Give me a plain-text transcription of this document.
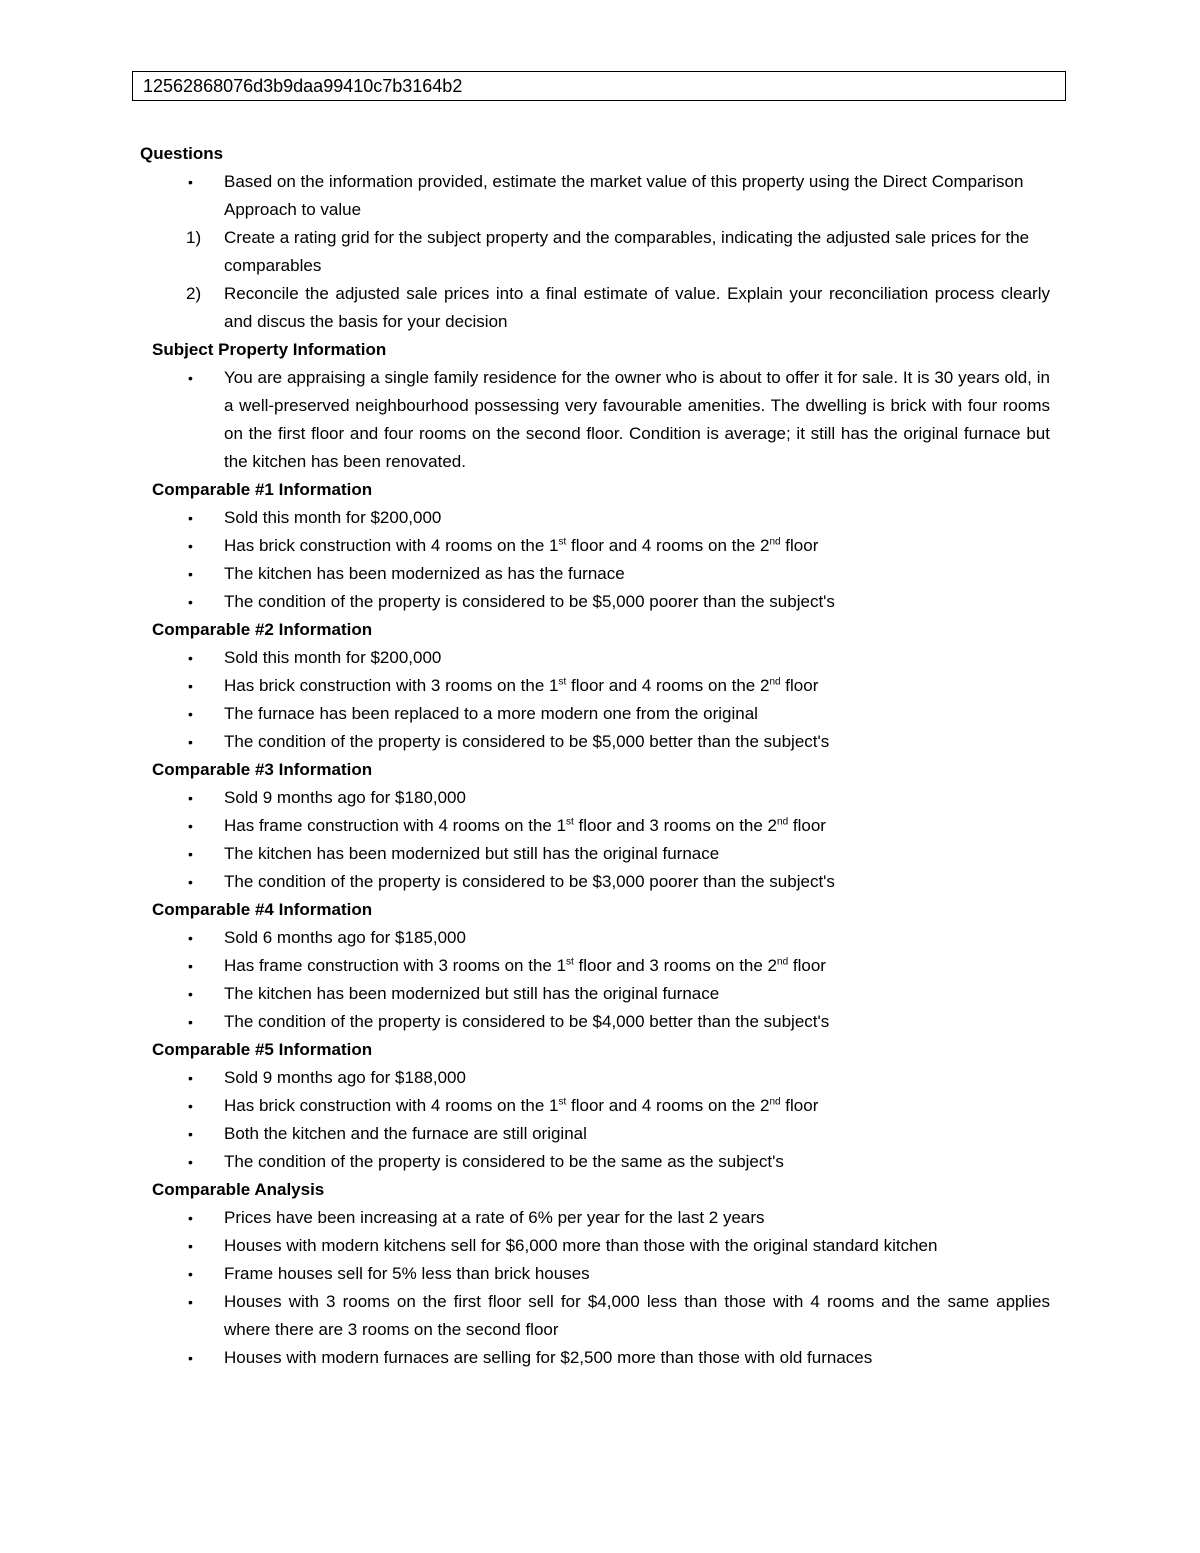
12562868076d3b9daa99410c7b3164b2
Questions
•	Based on the information provided, estimate the market value of this property using the Direct Comparison Approach to value
1)	Create a rating grid for the subject property and the comparables, indicating the adjusted sale prices for the comparables
2)	Reconcile the adjusted sale prices into a final estimate of value. Explain your reconciliation process clearly and discus the basis for your decision
Subject Property Information
•	You are appraising a single family residence for the owner who is about to offer it for sale. It is 30 years old, in a well-preserved neighbourhood possessing very favourable amenities. The dwelling is brick with four rooms on the first floor and four rooms on the second floor. Condition is average; it still has the original furnace but the kitchen has been renovated.
Comparable #1 Information
•	Sold this month for $200,000
•	Has brick construction with 4 rooms on the 1st floor and 4 rooms on the 2nd floor
•	The kitchen has been modernized as has the furnace
•	The condition of the property is considered to be $5,000 poorer than the subject's
Comparable #2 Information
•	Sold this month for $200,000
•	Has brick construction with 3 rooms on the 1st floor and 4 rooms on the 2nd floor
•	The furnace has been replaced to a more modern one from the original
•	The condition of the property is considered to be $5,000 better than the subject's
Comparable #3 Information
•	Sold 9 months ago for $180,000
•	Has frame construction with 4 rooms on the 1st floor and 3 rooms on the 2nd floor
•	The kitchen has been modernized but still has the original furnace
•	The condition of the property is considered to be $3,000 poorer than the subject's
Comparable #4 Information
•	Sold 6 months ago for $185,000
•	Has frame construction with 3 rooms on the 1st floor and 3 rooms on the 2nd floor
•	The kitchen has been modernized but still has the original furnace
•	The condition of the property is considered to be $4,000 better than the subject's
Comparable #5 Information
•	Sold 9 months ago for $188,000
•	Has brick construction with 4 rooms on the 1st floor and 4 rooms on the 2nd floor
•	Both the kitchen and the furnace are still original
•	The condition of the property is considered to be the same as the subject's
Comparable Analysis
•	Prices have been increasing at a rate of 6% per year for the last 2 years
•	Houses with modern kitchens sell for $6,000 more than those with the original standard kitchen
•	Frame houses sell for 5% less than brick houses
•	Houses with 3 rooms on the first floor sell for $4,000 less than those with 4 rooms and the same applies where there are 3 rooms on the second floor
•	Houses with modern furnaces are selling for $2,500 more than those with old furnaces
